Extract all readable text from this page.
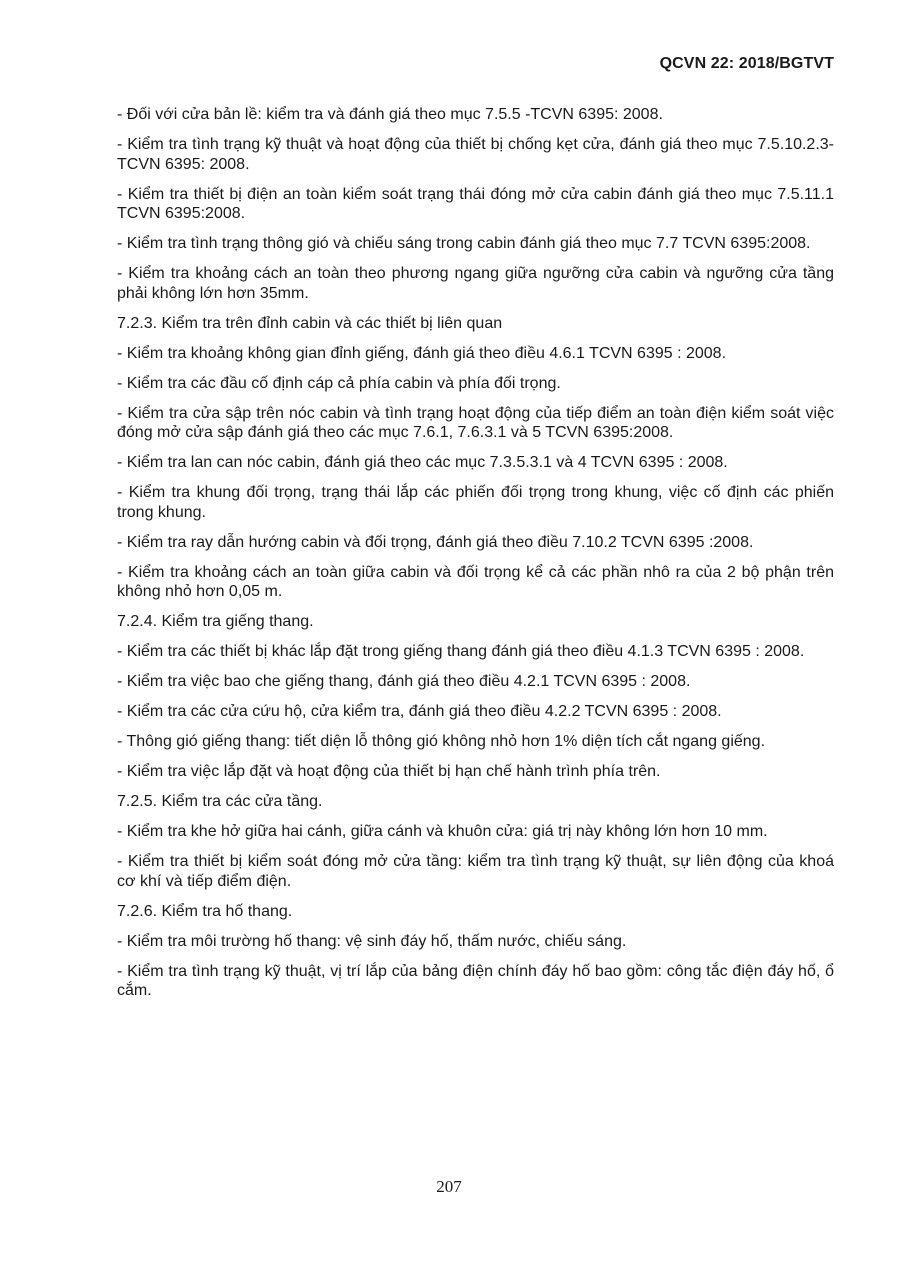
QCVN 22: 2018/BGTVT

- Đối với cửa bản lề: kiểm tra và đánh giá theo mục 7.5.5 -TCVN 6395: 2008.

- Kiểm tra tình trạng kỹ thuật và hoạt động của thiết bị chống kẹt cửa, đánh giá theo mục 7.5.10.2.3-TCVN 6395: 2008.

- Kiểm tra thiết bị điện an toàn kiểm soát trạng thái đóng mở cửa cabin đánh giá theo mục 7.5.11.1 TCVN 6395:2008.

- Kiểm tra tình trạng thông gió và chiếu sáng trong cabin đánh giá theo mục 7.7 TCVN 6395:2008.

- Kiểm tra khoảng cách an toàn theo phương ngang giữa ngưỡng cửa cabin và ngưỡng cửa tầng phải không lớn hơn 35mm.

7.2.3. Kiểm tra trên đỉnh cabin và các thiết bị liên quan

- Kiểm tra khoảng không gian đỉnh giếng, đánh giá theo điều 4.6.1 TCVN 6395 : 2008.

- Kiểm tra các đầu cố định cáp cả phía cabin và phía đối trọng.

- Kiểm tra cửa sập trên nóc cabin và tình trạng hoạt động của tiếp điểm an toàn điện kiểm soát việc đóng mở cửa sập đánh giá theo các mục 7.6.1, 7.6.3.1 và 5 TCVN 6395:2008.

- Kiểm tra lan can nóc cabin, đánh giá theo các mục 7.3.5.3.1 và 4 TCVN 6395 : 2008.

- Kiểm tra khung đối trọng, trạng thái lắp các phiến đối trọng trong khung, việc cố định các phiến trong khung.

- Kiểm tra ray dẫn hướng cabin và đối trọng, đánh giá theo điều 7.10.2 TCVN 6395 :2008.

- Kiểm tra khoảng cách an toàn giữa cabin và đối trọng kể cả các phần nhô ra của 2 bộ phận trên không nhỏ hơn 0,05 m.

7.2.4. Kiểm tra giếng thang.

- Kiểm tra các thiết bị khác lắp đặt trong giếng thang đánh giá theo điều 4.1.3 TCVN 6395 : 2008.

- Kiểm tra việc bao che giếng thang, đánh giá theo điều 4.2.1 TCVN 6395 : 2008.

- Kiểm tra các cửa cứu hộ, cửa kiểm tra, đánh giá theo điều 4.2.2 TCVN 6395 : 2008.

- Thông gió giếng thang: tiết diện lỗ thông gió không nhỏ hơn 1% diện tích cắt ngang giếng.

- Kiểm tra việc lắp đặt và hoạt động của thiết bị hạn chế hành trình phía trên.

7.2.5. Kiểm tra các cửa tầng.

- Kiểm tra khe hở giữa hai cánh, giữa cánh và khuôn cửa: giá trị này không lớn hơn 10 mm.

- Kiểm tra thiết bị kiểm soát đóng mở cửa tầng: kiểm tra tình trạng kỹ thuật, sự liên động của khoá cơ khí và tiếp điểm điện.

7.2.6. Kiểm tra hố thang.

- Kiểm tra môi trường hố thang: vệ sinh đáy hố, thấm nước, chiếu sáng.

- Kiểm tra tình trạng kỹ thuật, vị trí lắp của bảng điện chính đáy hố bao gồm: công tắc điện đáy hố, ổ cắm.

207
